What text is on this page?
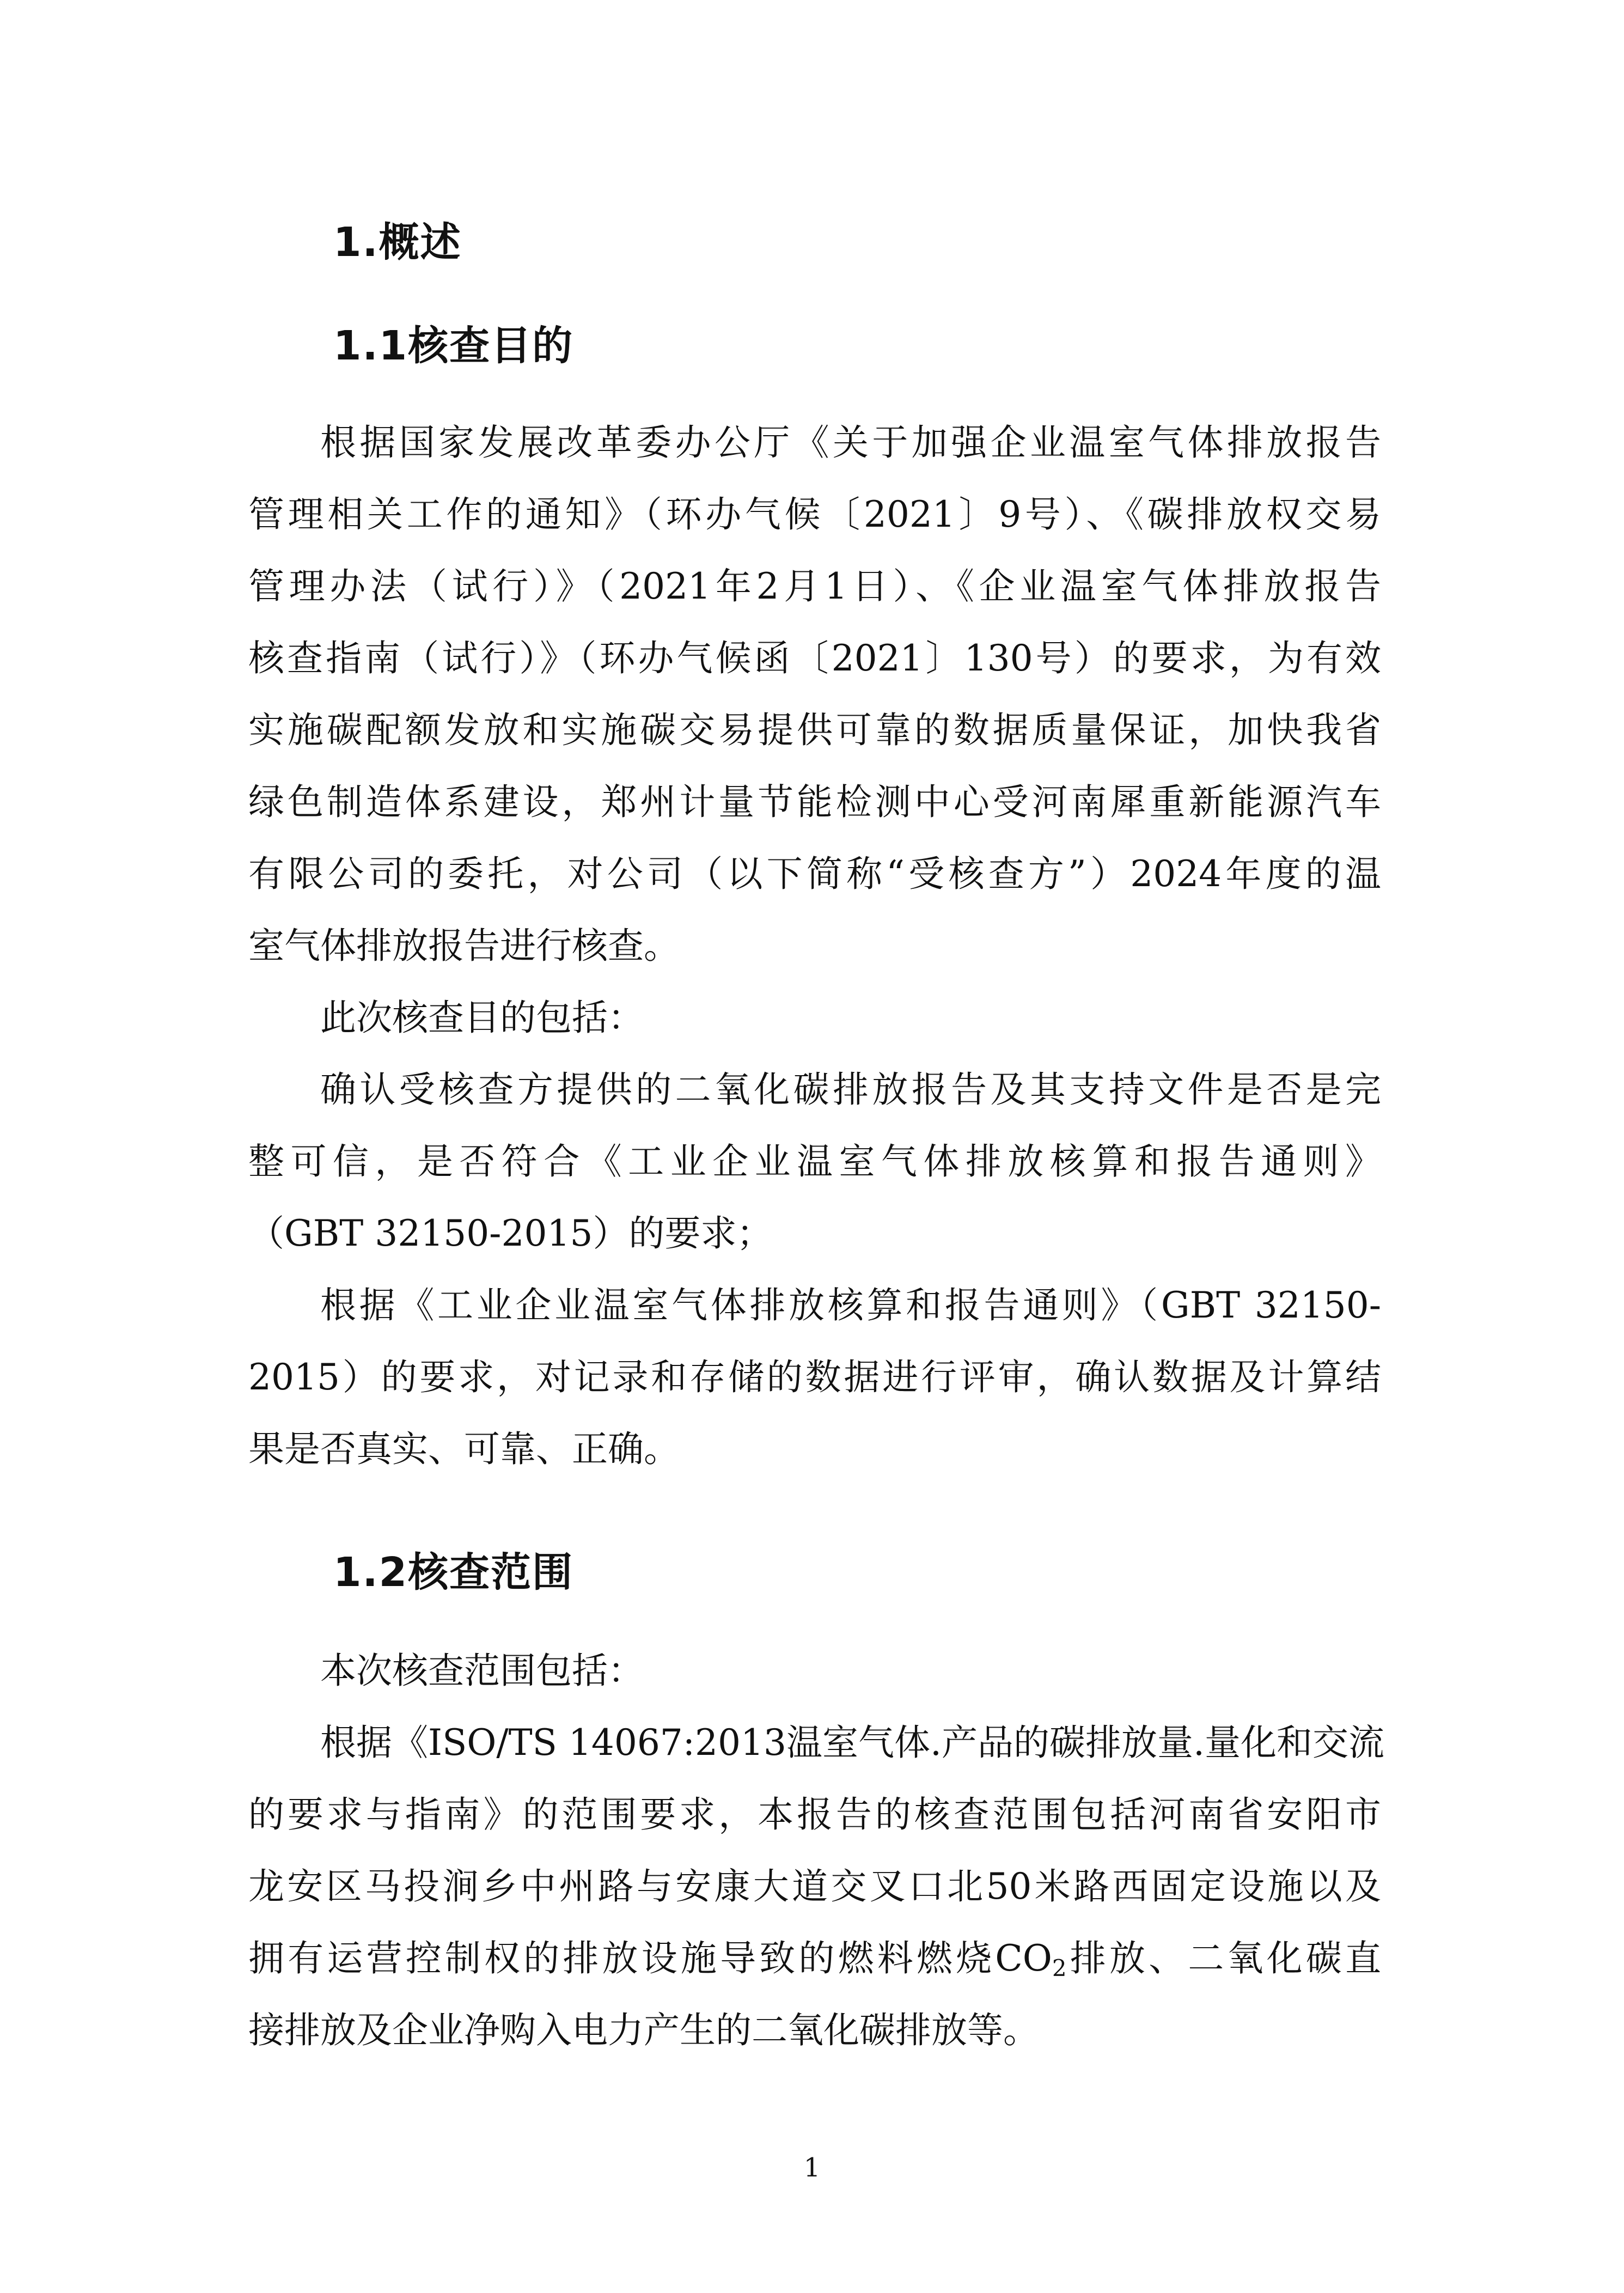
1.概述
1.1核查目的
根据国家发展改革委办公厅《关于加强企业温室气体排放报告
管理相关工作的通知》（环办气候〔2021〕9号）、《碳排放权交易
管理办法（试行）》（2021年2月1日）、《企业温室气体排放报告
核查指南（试行）》（环办气候函〔2021〕130号）的要求，为有效
实施碳配额发放和实施碳交易提供可靠的数据质量保证，加快我省
绿色制造体系建设，郑州计量节能检测中心受河南犀重新能源汽车
有限公司的委托，对公司（以下简称“受核查方”）2024年度的温
室气体排放报告进行核查。
此次核查目的包括：
确认受核查方提供的二氧化碳排放报告及其支持文件是否是完
整可信，是否符合《工业企业温室气体排放核算和报告通则》
（GBT 32150-2015）的要求；
根据《工业企业温室气体排放核算和报告通则》（GBT 32150-
2015）的要求，对记录和存储的数据进行评审，确认数据及计算结
果是否真实、可靠、正确。
1.2核查范围
本次核查范围包括：
根据《ISO/TS 14067:2013温室气体.产品的碳排放量.量化和交流
的要求与指南》的范围要求，本报告的核查范围包括河南省安阳市
龙安区马投涧乡中州路与安康大道交叉口北50米路西固定设施以及
拥有运营控制权的排放设施导致的燃料燃烧$CO_2$排放、二氧化碳直
接排放及企业净购入电力产生的二氧化碳排放等。
1
